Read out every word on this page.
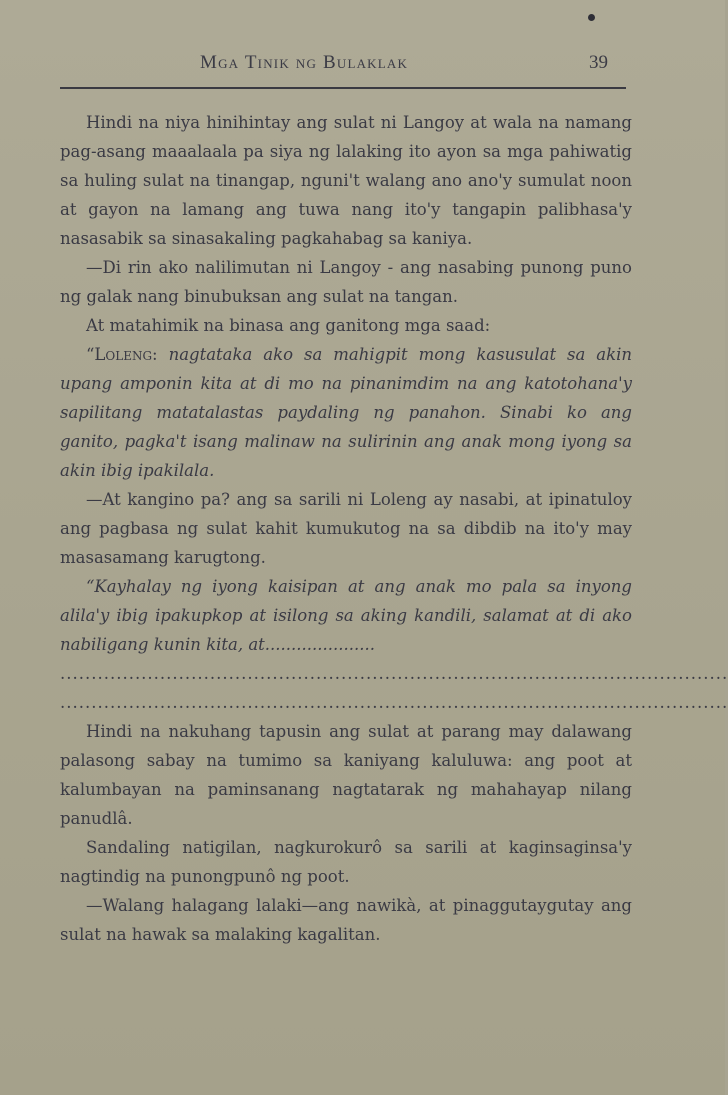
Mga Tinik ng Bulaklak	39

Hindi na niya hinihintay ang sulat ni Langoy at wala na namang pag-asang maaalaala pa siya ng lalaking ito ayon sa mga pahiwatig sa huling sulat na tinangap, nguni't walang ano ano'y sumulat noon at gayon na lamang ang tuwa nang ito'y tangapin palibhasa'y nasasabik sa sinasakaling pagkahabag sa kaniya.

—Di rin ako nalilimutan ni Langoy - ang nasabing punong puno ng galak nang binubuksan ang sulat na tangan.

At matahimik na binasa ang ganitong mga saad:

“Loleng: nagtataka ako sa mahigpit mong kasusulat sa akin upang amponin kita at di mo na pinanimdim na ang katotohana'y sapilitang matatalastas paydaling ng panahon. Sinabi ko ang ganito, pagka't isang malinaw na sulirinin ang anak mong iyong sa akin ibig ipakilala.

—At kangino pa? ang sa sarili ni Loleng ay nasabi, at ipinatuloy ang pagbasa ng sulat kahit kumukutog na sa dibdib na ito'y may masasamang karugtong.

“Kayhalay ng iyong kaisipan at ang anak mo pala sa inyong alila'y ibig ipakupkop at isilong sa aking kandili, salamat at di ako nabiligang kunin kita, at.....................

...........................................................................................................

...........................................................................................................

Hindi na nakuhang tapusin ang sulat at parang may dalawang palasong sabay na tumimo sa kaniyang kaluluwa: ang poot at kalumbayan na paminsanang nagtatarak ng mahahayap nilang panudlâ.

Sandaling natigilan, nagkurokurô sa sarili at kaginsaginsa'y nagtindig na punongpunô ng poot.

—Walang halagang lalaki—ang nawikà, at pinaggutaygutay ang sulat na hawak sa malaking kagalitan.
